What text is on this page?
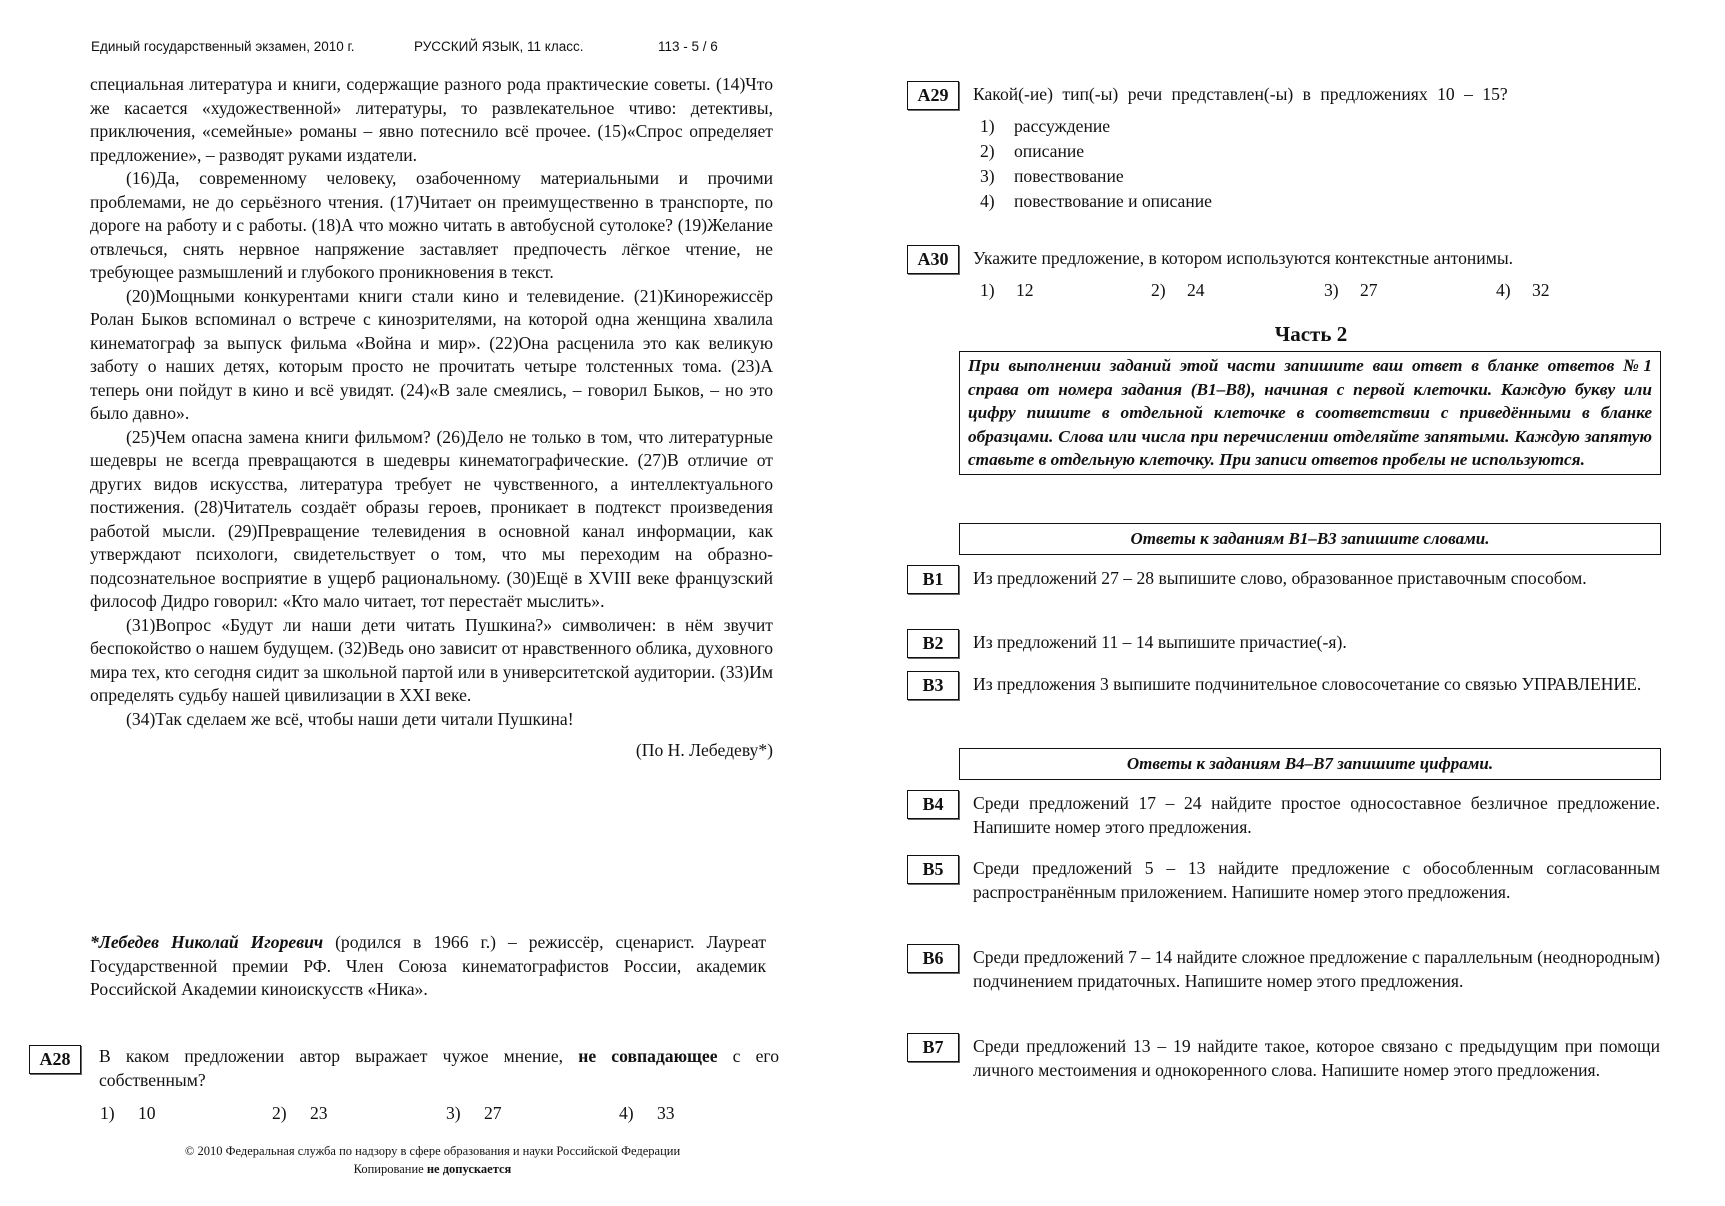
Единый государственный экзамен, 2010 г.	РУССКИЙ ЯЗЫК, 11 класс.	113 - 5 / 6

специальная литература и книги, содержащие разного рода практические советы. (14)Что же касается «художественной» литературы, то развлекательное чтиво: детективы, приключения, «семейные» романы – явно потеснило всё прочее. (15)«Спрос определяет предложение», – разводят руками издатели.

(16)Да, современному человеку, озабоченному материальными и прочими проблемами, не до серьёзного чтения. (17)Читает он преимущественно в транспорте, по дороге на работу и с работы. (18)А что можно читать в автобусной сутолоке? (19)Желание отвлечься, снять нервное напряжение заставляет предпочесть лёгкое чтение, не требующее размышлений и глубокого проникновения в текст.

(20)Мощными конкурентами книги стали кино и телевидение. (21)Кинорежиссёр Ролан Быков вспоминал о встрече с кинозрителями, на которой одна женщина хвалила кинематограф за выпуск фильма «Война и мир». (22)Она расценила это как великую заботу о наших детях, которым просто не прочитать четыре толстенных тома. (23)А теперь они пойдут в кино и всё увидят. (24)«В зале смеялись, – говорил Быков, – но это было давно».

(25)Чем опасна замена книги фильмом? (26)Дело не только в том, что литературные шедевры не всегда превращаются в шедевры кинематографические. (27)В отличие от других видов искусства, литература требует не чувственного, а интеллектуального постижения. (28)Читатель создаёт образы героев, проникает в подтекст произведения работой мысли. (29)Превращение телевидения в основной канал информации, как утверждают психологи, свидетельствует о том, что мы переходим на образно-подсознательное восприятие в ущерб рациональному. (30)Ещё в XVIII веке французский философ Дидро говорил: «Кто мало читает, тот перестаёт мыслить».

(31)Вопрос «Будут ли наши дети читать Пушкина?» символичен: в нём звучит беспокойство о нашем будущем. (32)Ведь оно зависит от нравственного облика, духовного мира тех, кто сегодня сидит за школьной партой или в университетской аудитории. (33)Им определять судьбу нашей цивилизации в XXI веке.

(34)Так сделаем же всё, чтобы наши дети читали Пушкина!

(По Н. Лебедеву*)

*Лебедев Николай Игоревич (родился в 1966 г.) – режиссёр, сценарист. Лауреат Государственной премии РФ. Член Союза кинематографистов России, академик Российской Академии киноискусств «Ника».

A28	В каком предложении автор выражает чужое мнение, не совпадающее с его собственным?
1) 10	2) 23	3) 27	4) 33
© 2010 Федеральная служба по надзору в сфере образования и науки Российской Федерации
Копирование не допускается
A29	Какой(-ие) тип(-ы) речи представлен(-ы) в предложениях 10 – 15?
1) рассуждение
2) описание
3) повествование
4) повествование и описание
A30	Укажите предложение, в котором используются контекстные антонимы.
1) 12	2) 24	3) 27	4) 32
Часть 2
При выполнении заданий этой части запишите ваш ответ в бланке ответов №1 справа от номера задания (B1–B8), начиная с первой клеточки. Каждую букву или цифру пишите в отдельной клеточке в соответствии с приведёнными в бланке образцами. Слова или числа при перечислении отделяйте запятыми. Каждую запятую ставьте в отдельную клеточку. При записи ответов пробелы не используются.
Ответы к заданиям B1–B3 запишите словами.
Ответы к заданиям B4–B7 запишите цифрами.
B1	Из предложений 27 – 28 выпишите слово, образованное приставочным способом.
B2	Из предложений 11 – 14 выпишите причастие(-я).
B3	Из предложения 3 выпишите подчинительное словосочетание со связью УПРАВЛЕНИЕ.
B4	Среди предложений 17 – 24 найдите простое односоставное безличное предложение. Напишите номер этого предложения.
B5	Среди предложений 5 – 13 найдите предложение с обособленным согласованным распространённым приложением. Напишите номер этого предложения.
B6	Среди предложений 7 – 14 найдите сложное предложение с параллельным (неоднородным) подчинением придаточных. Напишите номер этого предложения.
B7	Среди предложений 13 – 19 найдите такое, которое связано с предыдущим при помощи личного местоимения и однокоренного слова. Напишите номер этого предложения.
